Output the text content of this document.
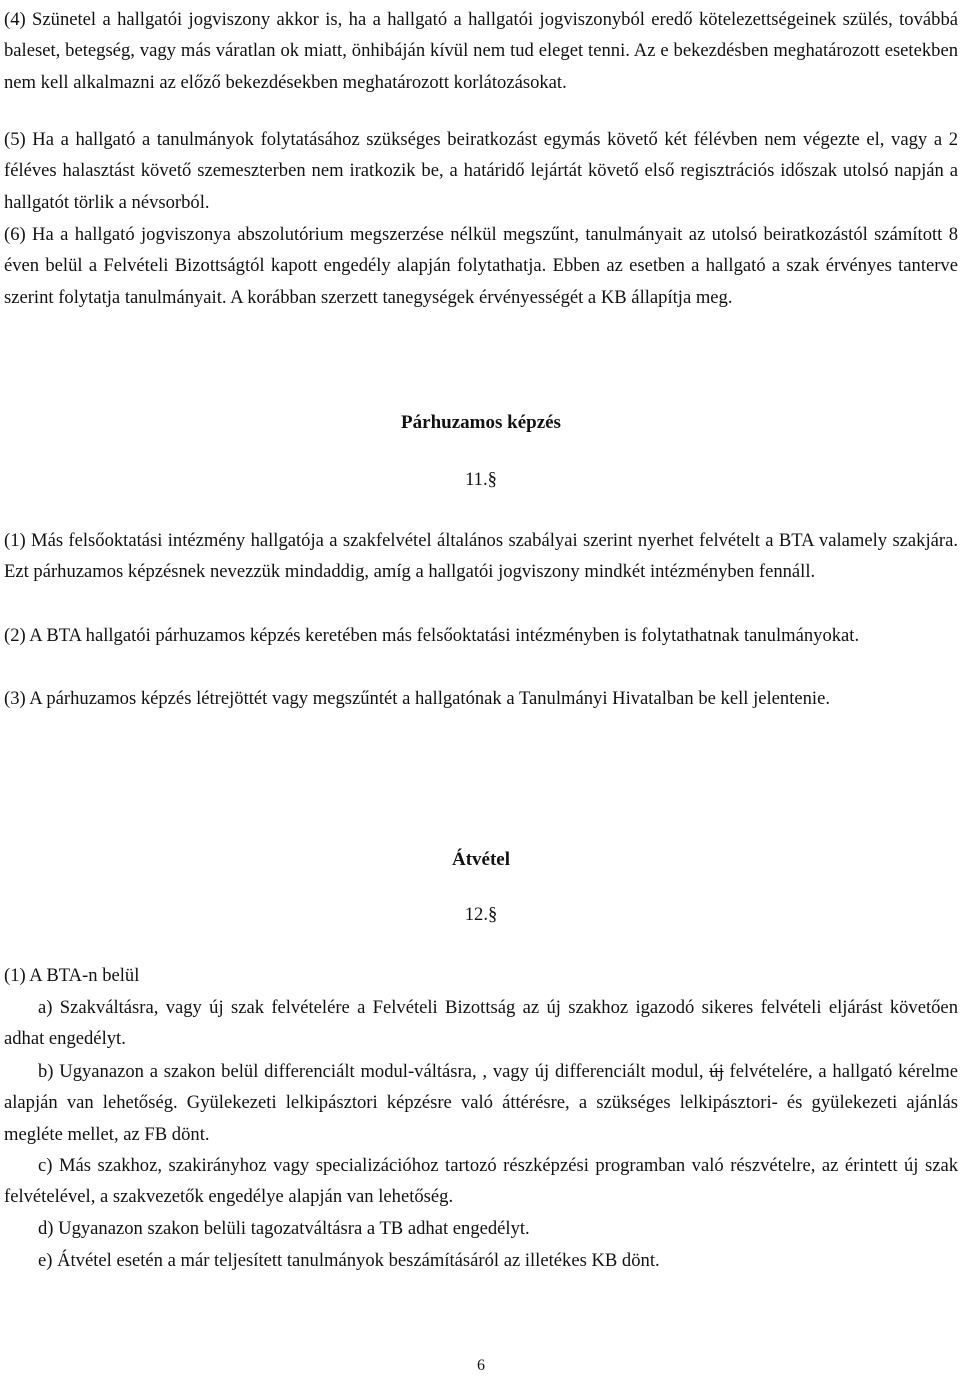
(4) Szünetel a hallgatói jogviszony akkor is, ha a hallgató a hallgatói jogviszonyból eredő kötelezettségeinek szülés, továbbá baleset, betegség, vagy más váratlan ok miatt, önhibáján kívül nem tud eleget tenni. Az e bekezdésben meghatározott esetekben nem kell alkalmazni az előző bekezdésekben meghatározott korlátozásokat.

(5) Ha a hallgató a tanulmányok folytatásához szükséges beiratkozást egymás követő két félévben nem végezte el, vagy a 2 féléves halasztást követő szemeszterben nem iratkozik be, a határidő lejártát követő első regisztrációs időszak utolsó napján a hallgatót törlik a névsorból.

(6) Ha a hallgató jogviszonya abszolutórium megszerzése nélkül megszűnt, tanulmányait az utolsó beiratkozástól számított 8 éven belül a Felvételi Bizottságtól kapott engedély alapján folytathatja. Ebben az esetben a hallgató a szak érvényes tanterve szerint folytatja tanulmányait. A korábban szerzett tanegységek érvényességét a KB állapítja meg.

Párhuzamos képzés
11.§

(1) Más felsőoktatási intézmény hallgatója a szakfelvétel általános szabályai szerint nyerhet felvételt a BTA valamely szakjára. Ezt párhuzamos képzésnek nevezzük mindaddig, amíg a hallgatói jogviszony mindkét intézményben fennáll.

(2) A BTA hallgatói párhuzamos képzés keretében más felsőoktatási intézményben is folytathatnak tanulmányokat.

(3) A párhuzamos képzés létrejöttét vagy megszűntét a hallgatónak a Tanulmányi Hivatalban be kell jelentenie.

Átvétel
12.§

(1) A BTA-n belül

a) Szakváltásra, vagy új szak felvételére a Felvételi Bizottság az új szakhoz igazodó sikeres felvételi eljárást követően adhat engedélyt.

b) Ugyanazon a szakon belül differenciált modul-váltásra, , vagy új differenciált modul, új felvételére, a hallgató kérelme alapján van lehetőség. Gyülekezeti lelkipásztori képzésre való áttérésre, a szükséges lelkipásztori- és gyülekezeti ajánlás megléte mellet, az FB dönt.

c) Más szakhoz, szakirányhoz vagy specializációhoz tartozó részképzési programban való részvételre, az érintett új szak felvételével, a szakvezetők engedélye alapján van lehetőség.

d) Ugyanazon szakon belüli tagozatváltásra a TB adhat engedélyt.

e) Átvétel esetén a már teljesített tanulmányok beszámításáról az illetékes KB dönt.

6
